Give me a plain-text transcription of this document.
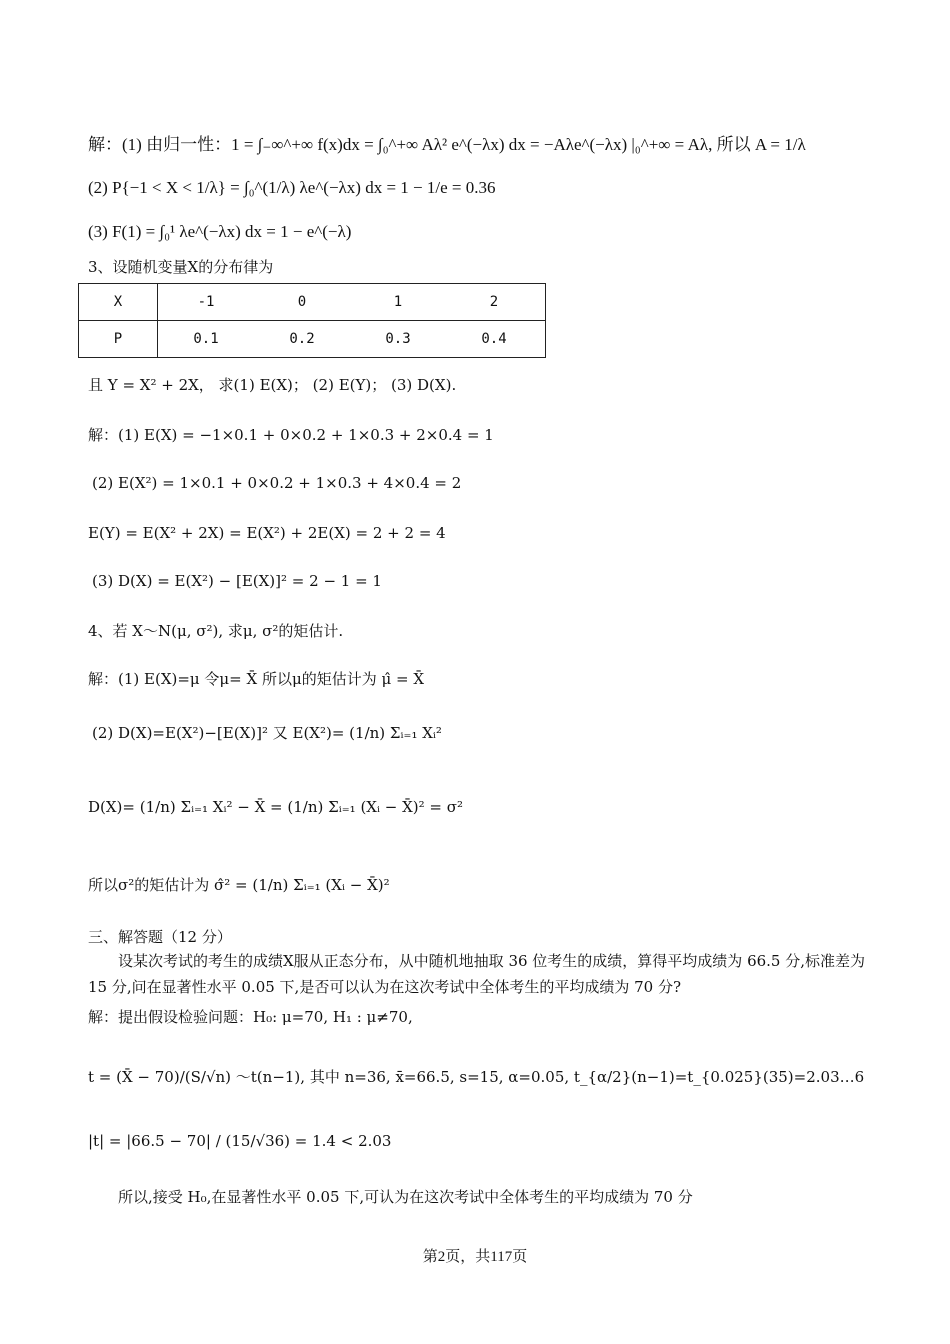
解：(1) 由归一性：1 = ∫₋∞^+∞ f(x)dx = ∫₀^+∞ Aλ² e^(−λx) dx = −Aλe^(−λx) |₀^+∞ = Aλ, 所以 A = 1/λ
(2) P{−1 < X < 1/λ} = ∫₀^(1/λ) λe^(−λx) dx = 1 − 1/e = 0.36
(3) F(1) = ∫₀¹ λe^(−λx) dx = 1 − e^(−λ)
3、设随机变量X的分布律为
X	-1 0 1 2
P	0.1 0.2 0.3 0.4
且 Y = X² + 2X， 求(1) E(X)； (2) E(Y)； (3) D(X).
解：(1) E(X) = −1×0.1 + 0×0.2 + 1×0.3 + 2×0.4 = 1
(2) E(X²) = 1×0.1 + 0×0.2 + 1×0.3 + 4×0.4 = 2
E(Y) = E(X² + 2X) = E(X²) + 2E(X) = 2 + 2 = 4
(3) D(X) = E(X²) − [E(X)]² = 2 − 1 = 1
4、若 X～N(μ, σ²), 求μ, σ²的矩估计.
解：(1) E(X)=μ 令μ= X̄ 所以μ的矩估计为 μ̂ = X̄
(2) D(X)=E(X²)−[E(X)]² 又 E(X²)= (1/n) Σᵢ₌₁ Xᵢ²
D(X)= (1/n) Σᵢ₌₁ Xᵢ² − X̄ = (1/n) Σᵢ₌₁ (Xᵢ − X̄)² = σ²
所以σ²的矩估计为 σ̂² = (1/n) Σᵢ₌₁ (Xᵢ − X̄)²
三、解答题（12 分）
设某次考试的考生的成绩X服从正态分布，从中随机地抽取 36 位考生的成绩，算得平均成绩为 66.5 分,标准差为 15 分,问在显著性水平 0.05 下,是否可以认为在这次考试中全体考生的平均成绩为 70 分?
解：提出假设检验问题：H₀: μ=70, H₁ : μ≠70,
t = (X̄ − 70)/(S/√n) ～t(n−1), 其中 n=36, x̄=66.5, s=15, α=0.05, t_{α/2}(n−1)=t_{0.025}(35)=2.03…6
|t| = |66.5 − 70| / (15/√36) = 1.4 < 2.03
所以,接受 H₀,在显著性水平 0.05 下,可认为在这次考试中全体考生的平均成绩为 70 分
第2页，共117页
